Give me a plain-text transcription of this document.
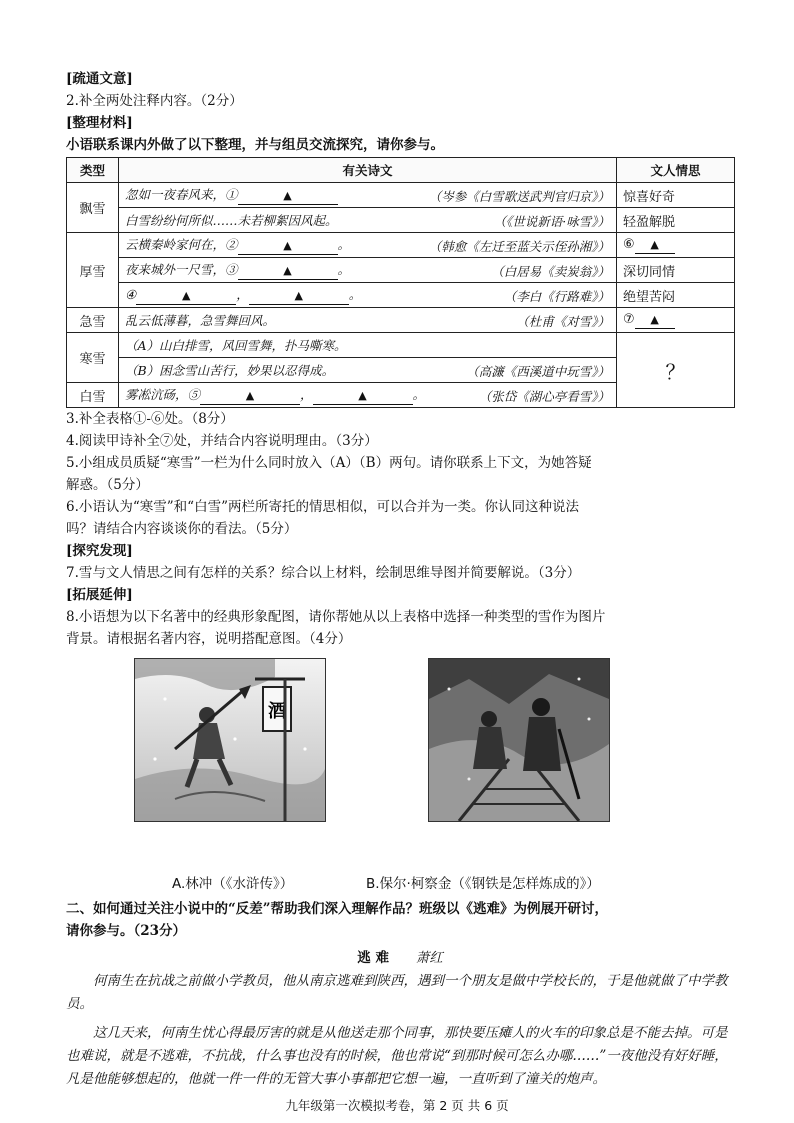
[疏通文意]
2.补全两处注释内容。（2分）
[整理材料]
小语联系课内外做了以下整理，并与组员交流探究，请你参与。
类型	有关诗文	文人情思
飘雪	忽如一夜春风来，① ▲ （岑参《白雪歌送武判官归京》）	惊喜好奇
	白雪纷纷何所似……未若柳絮因风起。 （《世说新语·咏雪》）	轻盈解脱
厚雪	云横秦岭家何在，② ▲ 。 （韩愈《左迁至蓝关示侄孙湘》）	⑥ ▲
	夜来城外一尺雪，③ ▲ 。 （白居易《卖炭翁》）	深切同情
	④ ▲ ， ▲ 。 （李白《行路难》）	绝望苦闷
急雪	乱云低薄暮，急雪舞回风。 （杜甫《对雪》）	⑦ ▲
寒雪	（A）山白排雪，风回雪舞，扑马嘶寒。	？
	（B）困念雪山苦行，妙果以忍得成。 （高濂《西溪道中玩雪》）	

白雪	雾凇沆砀，⑤ ▲ ， ▲ 。 （张岱《湖心亭看雪》）	
3.补全表格①-⑥处。（8分）
4.阅读甲诗补全⑦处，并结合内容说明理由。（3分）
5.小组成员质疑“寒雪”一栏为什么同时放入（A）（B）两句。请你联系上下文，为她答疑
解惑。（5分）
6.小语认为“寒雪”和“白雪”两栏所寄托的情思相似，可以合并为一类。你认同这种说法
吗？请结合内容谈谈你的看法。（5分）
[探究发现]
7.雪与文人情思之间有怎样的关系？综合以上材料，绘制思维导图并简要解说。（3分）
[拓展延伸]
8.小语想为以下名著中的经典形象配图，请你帮她从以上表格中选择一种类型的雪作为图片
背景。请根据名著内容，说明搭配意图。（4分）
酒
A.林冲（《水浒传》）	B.保尔·柯察金（《钢铁是怎样炼成的》）
二、如何通过关注小说中的“反差”帮助我们深入理解作品？班级以《逃难》为例展开研讨，
请你参与。（23分）
逃 难 萧红
何南生在抗战之前做小学教员，他从南京逃难到陕西，遇到一个朋友是做中学校长的，于是他就做了中学教员。
这几天来，何南生忧心得最厉害的就是从他送走那个同事，那快要压瘫人的火车的印象总是不能去掉。可是也难说，就是不逃难，不抗战，什么事也没有的时候，他也常说“到那时候可怎么办哪……”一夜他没有好好睡，凡是他能够想起的，他就一件一件的无管大事小事都把它想一遍，一直听到了潼关的炮声。
九年级第一次模拟考卷，第 2 页 共 6 页
